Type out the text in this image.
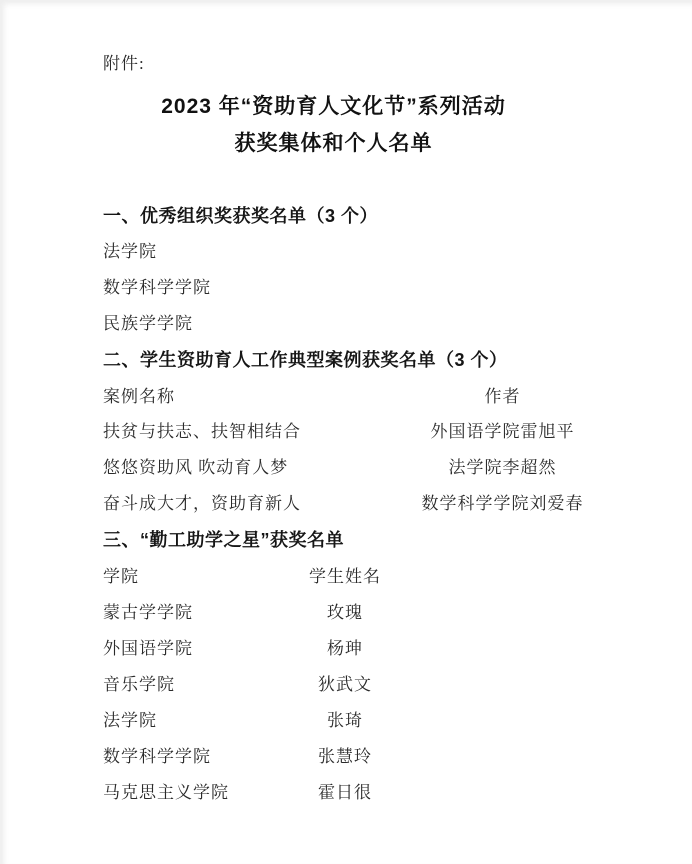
附件:
2023 年“资助育人文化节”系列活动
获奖集体和个人名单
一、优秀组织奖获奖名单（3 个）
法学院
数学科学学院
民族学学院
二、学生资助育人工作典型案例获奖名单（3 个）
案例名称	作者
扶贫与扶志、扶智相结合	外国语学院雷旭平
悠悠资助风 吹动育人梦	法学院李超然
奋斗成大才，资助育新人	数学科学学院刘爱春
三、“勤工助学之星”获奖名单
学院	学生姓名
蒙古学学院	玫瑰
外国语学院	杨珅
音乐学院	狄武文
法学院	张琦
数学科学学院	张慧玲
马克思主义学院	霍日很
